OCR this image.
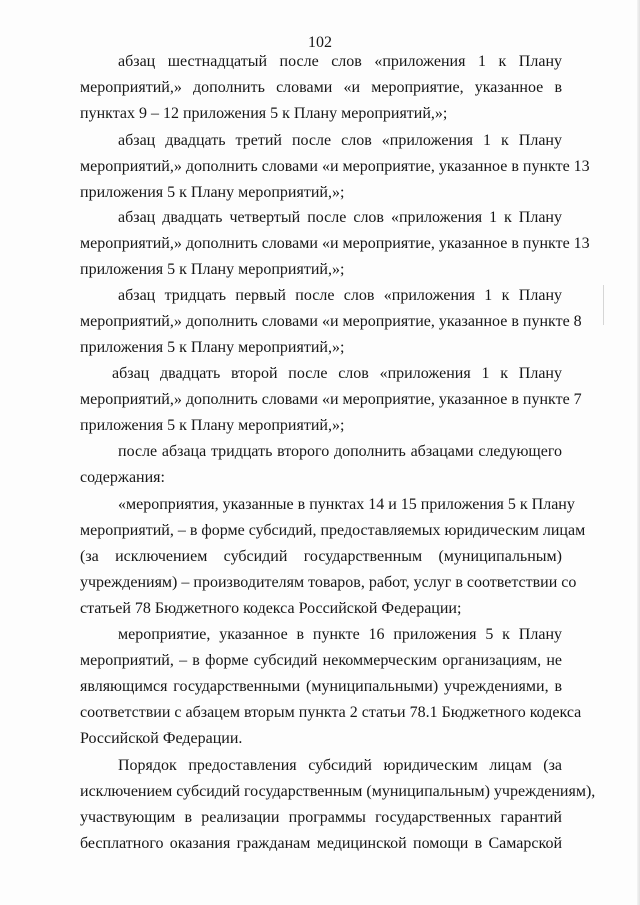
102
абзац шестнадцатый после слов «приложения 1 к Плану
мероприятий,» дополнить словами «и мероприятие, указанное в
пунктах 9 – 12 приложения 5 к Плану мероприятий,»;
абзац двадцать третий после слов «приложения 1 к Плану
мероприятий,» дополнить словами «и мероприятие, указанное в пункте 13
приложения 5 к Плану мероприятий,»;
абзац двадцать четвертый после слов «приложения 1 к Плану
мероприятий,» дополнить словами «и мероприятие, указанное в пункте 13
приложения 5 к Плану мероприятий,»;
абзац тридцать первый после слов «приложения 1 к Плану
мероприятий,» дополнить словами «и мероприятие, указанное в пункте 8
приложения 5 к Плану мероприятий,»;
абзац двадцать второй после слов «приложения 1 к Плану
мероприятий,» дополнить словами «и мероприятие, указанное в пункте 7
приложения 5 к Плану мероприятий,»;
после абзаца тридцать второго дополнить абзацами следующего
содержания:
«мероприятия, указанные в пунктах 14 и 15 приложения 5 к Плану
мероприятий, – в форме субсидий, предоставляемых юридическим лицам
(за исключением субсидий государственным (муниципальным)
учреждениям) – производителям товаров, работ, услуг в соответствии со
статьей 78 Бюджетного кодекса Российской Федерации;
мероприятие, указанное в пункте 16 приложения 5 к Плану
мероприятий, – в форме субсидий некоммерческим организациям, не
являющимся государственными (муниципальными) учреждениями, в
соответствии с абзацем вторым пункта 2 статьи 78.1 Бюджетного кодекса
Российской Федерации.
Порядок предоставления субсидий юридическим лицам (за
исключением субсидий государственным (муниципальным) учреждениям),
участвующим в реализации программы государственных гарантий
бесплатного оказания гражданам медицинской помощи в Самарской
